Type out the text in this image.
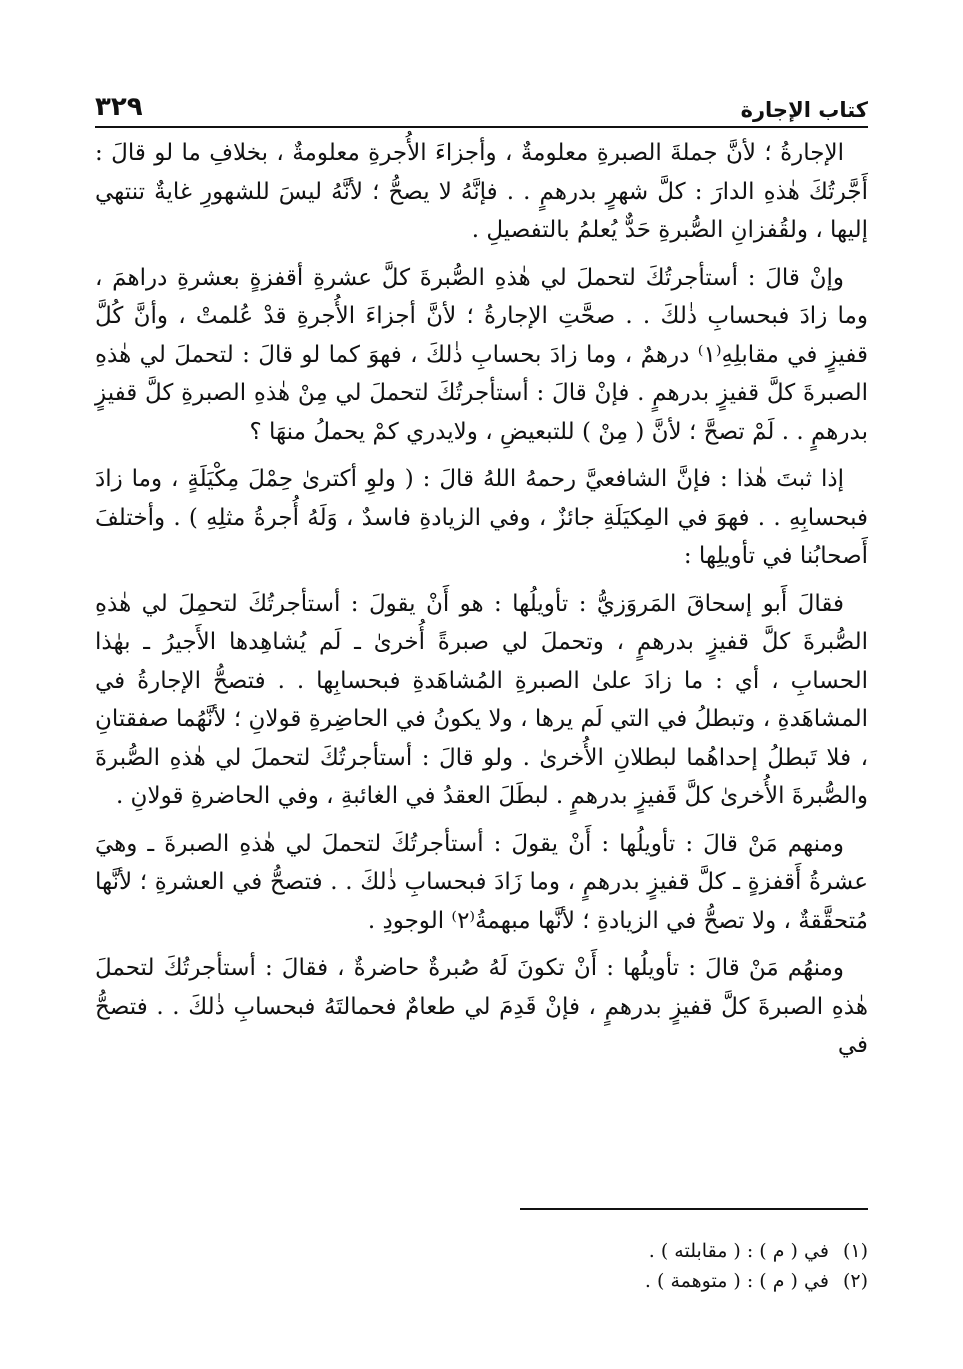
كتاب الإجارة
٣٢٩

الإجارةُ ؛ لأنَّ جملةَ الصبرةِ معلومةٌ ، وأجزاءَ الأُجرةِ معلومةٌ ، بخلافِ ما لو قالَ : أَجَّرتُكَ هٰذهِ الدارَ : كلَّ شهرٍ بدرهمٍ . . فإنَّهُ لا يصحُّ ؛ لأنَّهُ ليسَ للشهورِ غايةٌ تنتهي إليها ، ولقُفزانِ الصُّبرةِ حَدٌّ يُعلمُ بالتفصيلِ .

وإنْ قالَ : أستأجرتُكَ لتحملَ لي هٰذهِ الصُّبرةَ كلَّ عشرةِ أقفزةٍ بعشرةِ دراهمَ ، وما زادَ فبحسابِ ذٰلكَ . . صحَّتِ الإجارةُ ؛ لأنَّ أجزاءَ الأُجرةِ قدْ عُلمتْ ، وأنَّ كُلَّ قفيزٍ في مقابلِهِ⁽١⁾ درهمٌ ، وما زادَ بحسابِ ذٰلكَ ، فهوَ كما لو قالَ : لتحملَ لي هٰذهِ الصبرةَ كلَّ قفيزٍ بدرهمٍ . فإنْ قالَ : أستأجرتُكَ لتحملَ لي مِنْ هٰذهِ الصبرةِ كلَّ قفيزٍ بدرهمٍ . . لَمْ تصحَّ ؛ لأنَّ ( مِنْ ) للتبعيضِ ، ولايدري كمْ يحملُ منهَا ؟

إذا ثبتَ هٰذا : فإنَّ الشافعيَّ رحمهُ اللهُ قالَ : ( ولوِ أكترىٰ حِمْلَ مِكْيَلَةٍ ، وما زادَ فبحسابِهِ . . فهوَ في المِكيَلَةِ جائزٌ ، وفي الزيادةِ فاسدٌ ، وَلَهُ أُجرةُ مثلِهِ ) . وأختلفَ أَصحابُنا في تأويلِها :

فقالَ أَبو إسحاقَ المَروَزيُّ : تأويلُها : هو أَنْ يقولَ : أستأجرتُكَ لتحمِلَ لي هٰذهِ الصُّبرةَ كلَّ قفيزٍ بدرهمٍ ، وتحملَ لي صبرةً أُخرىٰ ـ لَم يُشاهِدها الأَجيرُ ـ بهٰذا الحسابِ ، أي : ما زادَ علىٰ الصبرةِ المُشاهَدةِ فبحسابِها . . فتصحُّ الإجارةُ في المشاهَدةِ ، وتبطلُ في التي لَم يرها ، ولا يكونُ في الحاضِرةِ قولانِ ؛ لأنَّهُما صفقتانِ ، فلا تَبطلُ إحداهُما لبطلانِ الأُخرىٰ . ولو قالَ : أستأجرتُكَ لتحملَ لي هٰذهِ الصُّبرةَ والصُّبرةَ الأُخرىٰ كلَّ قَفيزٍ بدرهمٍ . لبطَلَ العقدُ في الغائبةِ ، وفي الحاضرةِ قولانِ .

ومنهم مَنْ قالَ : تأويلُها : أَنْ يقولَ : أستأجرتُكَ لتحملَ لي هٰذهِ الصبرةَ ـ وهيَ عشرةُ أَقفزةٍ ـ كلَّ قفيزٍ بدرهمٍ ، وما زَادَ فبحسابِ ذٰلكَ . . فتصحُّ في العشرةِ ؛ لأنَّها مُتحقَّقةٌ ، ولا تصحُّ في الزيادةِ ؛ لأنَّها مبهمةُ⁽٢⁾ الوجودِ .

ومنهُم مَنْ قالَ : تأويلُها : أَنْ تكونَ لَهُ صُبرةٌ حاضرةٌ ، فقالَ : أستأجرتُكَ لتحملَ هٰذهِ الصبرةَ كلَّ قفيزٍ بدرهمٍ ، فإنْ قَدِمَ لي طعامٌ فحمالتَهُ فبحسابِ ذٰلكَ . . فتصحُّ في

(١)في ( م ) : ( مقابلته ) .
(٢)في ( م ) : ( متوهمة ) .
